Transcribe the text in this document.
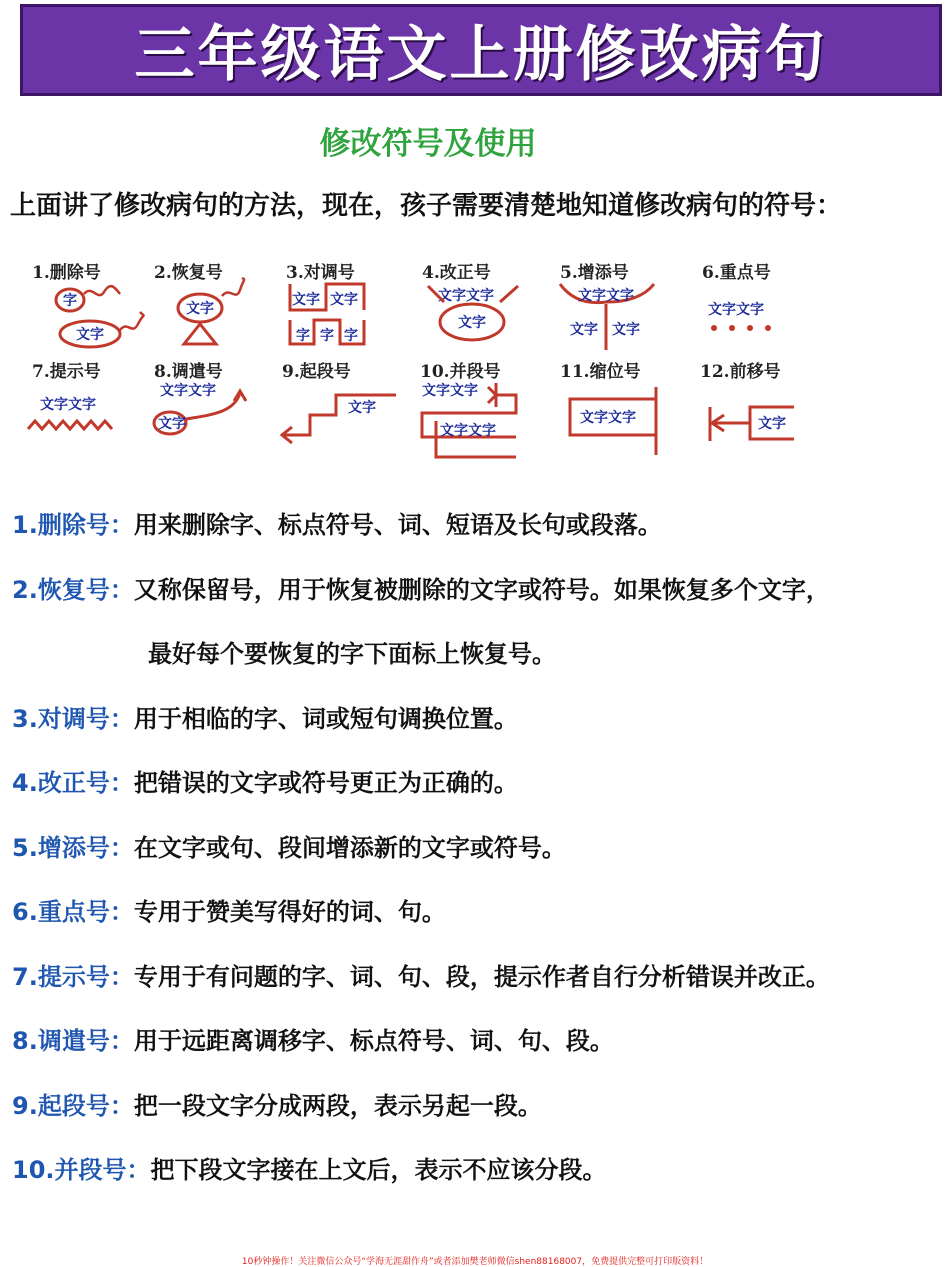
三年级语文上册修改病句
修改符号及使用
上面讲了修改病句的方法，现在，孩子需要清楚地知道修改病句的符号：
1.删除号
字
文字
2.恢复号
文字
3.对调号
文字 文字
字 字 字
4.改正号
文字文字
文字
5.增添号
文字文字
文字 文字
6.重点号
文字文字
7.提示号
文字文字
8.调遣号
文字文字
文字
9.起段号
文字
10.并段号
文字文字
文字文字
11.缩位号
文字文字
12.前移号
文字
1.删除号：用来删除字、标点符号、词、短语及长句或段落。
2.恢复号：又称保留号，用于恢复被删除的文字或符号。如果恢复多个文字，
最好每个要恢复的字下面标上恢复号。
3.对调号：用于相临的字、词或短句调换位置。
4.改正号：把错误的文字或符号更正为正确的。
5.增添号：在文字或句、段间增添新的文字或符号。
6.重点号：专用于赞美写得好的词、句。
7.提示号：专用于有问题的字、词、句、段，提示作者自行分析错误并改正。
8.调遣号：用于远距离调移字、标点符号、词、句、段。
9.起段号：把一段文字分成两段，表示另起一段。
10.并段号：把下段文字接在上文后，表示不应该分段。
10秒钟操作！关注微信公众号“学海无涯甜作舟”或者添加樊老师微信shen88168007，免费提供完整可打印版资料！
